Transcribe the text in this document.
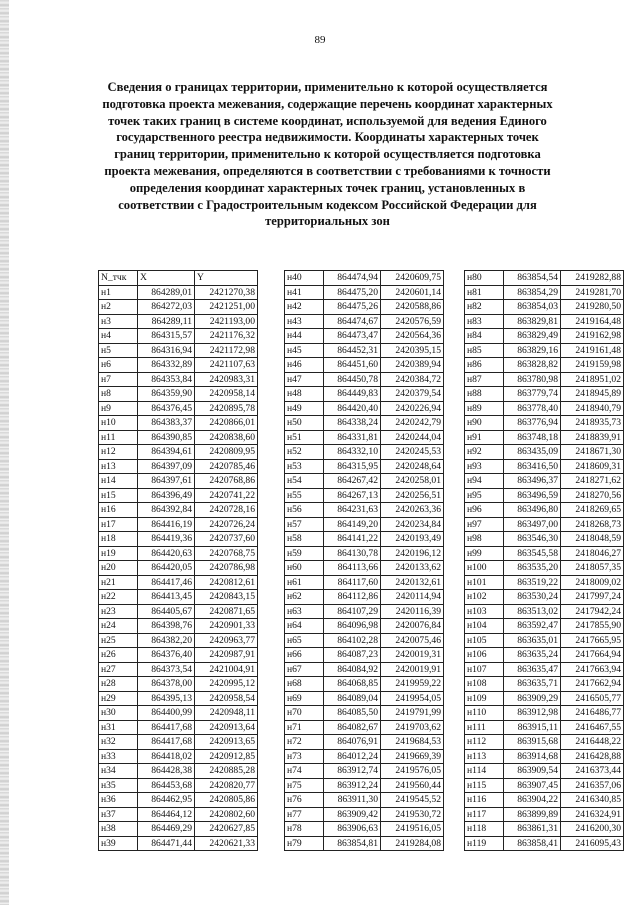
89

Сведения о границах территории, применительно к которой осуществляется подготовка проекта межевания, содержащие перечень координат характерных точек таких границ в системе координат, используемой для ведения Единого государственного реестра недвижимости. Координаты характерных точек границ территории, применительно к которой осуществляется подготовка проекта межевания, определяются в соответствии с требованиями к точности определения координат характерных точек границ, установленных в соответствии с Градостроительным кодексом Российской Федерации для территориальных зон

N_тчк	X	Y
н1	864289,01	2421270,38
н2	864272,03	2421251,00
н3	864289,11	2421193,00
н4	864315,57	2421176,32
н5	864316,94	2421172,98
н6	864332,89	2421107,63
н7	864353,84	2420983,31
н8	864359,90	2420958,14
н9	864376,45	2420895,78
н10	864383,37	2420866,01
н11	864390,85	2420838,60
н12	864394,61	2420809,95
н13	864397,09	2420785,46
н14	864397,61	2420768,86
н15	864396,49	2420741,22
н16	864392,84	2420728,16
н17	864416,19	2420726,24
н18	864419,36	2420737,60
н19	864420,63	2420768,75
н20	864420,05	2420786,98
н21	864417,46	2420812,61
н22	864413,45	2420843,15
н23	864405,67	2420871,65
н24	864398,76	2420901,33
н25	864382,20	2420963,77
н26	864376,40	2420987,91
н27	864373,54	2421004,91
н28	864378,00	2420995,12
н29	864395,13	2420958,54
н30	864400,99	2420948,11
н31	864417,68	2420913,64
н32	864417,68	2420913,65
н33	864418,02	2420912,85
н34	864428,38	2420885,28
н35	864453,68	2420820,77
н36	864462,95	2420805,86
н37	864464,12	2420802,60
н38	864469,29	2420627,85
н39	864471,44	2420621,33
н40	864474,94	2420609,75
н41	864475,20	2420601,14
н42	864475,26	2420588,86
н43	864474,67	2420576,59
н44	864473,47	2420564,36
н45	864452,31	2420395,15
н46	864451,60	2420389,94
н47	864450,78	2420384,72
н48	864449,83	2420379,54
н49	864420,40	2420226,94
н50	864338,24	2420242,79
н51	864331,81	2420244,04
н52	864332,10	2420245,53
н53	864315,95	2420248,64
н54	864267,42	2420258,01
н55	864267,13	2420256,51
н56	864231,63	2420263,36
н57	864149,20	2420234,84
н58	864141,22	2420193,49
н59	864130,78	2420196,12
н60	864113,66	2420133,62
н61	864117,60	2420132,61
н62	864112,86	2420114,94
н63	864107,29	2420116,39
н64	864096,98	2420076,84
н65	864102,28	2420075,46
н66	864087,23	2420019,31
н67	864084,92	2420019,91
н68	864068,85	2419959,22
н69	864089,04	2419954,05
н70	864085,50	2419791,99
н71	864082,67	2419703,62
н72	864076,91	2419684,53
н73	864012,24	2419669,39
н74	863912,74	2419576,05
н75	863912,24	2419560,44
н76	863911,30	2419545,52
н77	863909,42	2419530,72
н78	863906,63	2419516,05
н79	863854,81	2419284,08
н80	863854,54	2419282,88
н81	863854,29	2419281,70
н82	863854,03	2419280,50
н83	863829,81	2419164,48
н84	863829,49	2419162,98
н85	863829,16	2419161,48
н86	863828,82	2419159,98
н87	863780,98	2418951,02
н88	863779,74	2418945,89
н89	863778,40	2418940,79
н90	863776,94	2418935,73
н91	863748,18	2418839,91
н92	863435,09	2418671,30
н93	863416,50	2418609,31
н94	863496,37	2418271,62
н95	863496,59	2418270,56
н96	863496,80	2418269,65
н97	863497,00	2418268,73
н98	863546,30	2418048,59
н99	863545,58	2418046,27
н100	863535,20	2418057,35
н101	863519,22	2418009,02
н102	863530,24	2417997,24
н103	863513,02	2417942,24
н104	863592,47	2417855,90
н105	863635,01	2417665,95
н106	863635,24	2417664,94
н107	863635,47	2417663,94
н108	863635,71	2417662,94
н109	863909,29	2416505,77
н110	863912,98	2416486,77
н111	863915,11	2416467,55
н112	863915,68	2416448,22
н113	863914,68	2416428,88
н114	863909,54	2416373,44
н115	863907,45	2416357,06
н116	863904,22	2416340,85
н117	863899,89	2416324,91
н118	863861,31	2416200,30
н119	863858,41	2416095,43
